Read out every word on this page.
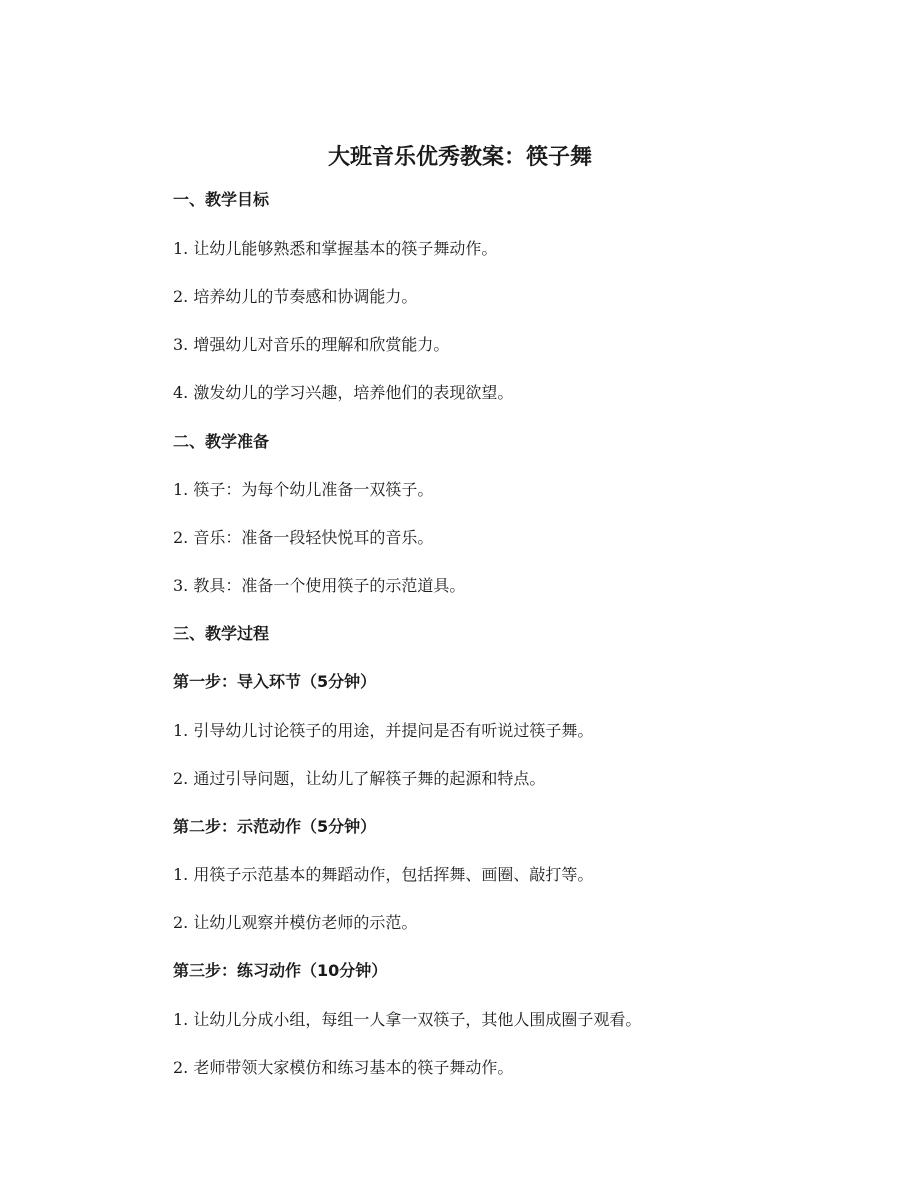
大班音乐优秀教案：筷子舞
一、教学目标
1. 让幼儿能够熟悉和掌握基本的筷子舞动作。
2. 培养幼儿的节奏感和协调能力。
3. 增强幼儿对音乐的理解和欣赏能力。
4. 激发幼儿的学习兴趣，培养他们的表现欲望。
二、教学准备
1. 筷子：为每个幼儿准备一双筷子。
2. 音乐：准备一段轻快悦耳的音乐。
3. 教具：准备一个使用筷子的示范道具。
三、教学过程
第一步：导入环节（5分钟）
1. 引导幼儿讨论筷子的用途，并提问是否有听说过筷子舞。
2. 通过引导问题，让幼儿了解筷子舞的起源和特点。
第二步：示范动作（5分钟）
1. 用筷子示范基本的舞蹈动作，包括挥舞、画圈、敲打等。
2. 让幼儿观察并模仿老师的示范。
第三步：练习动作（10分钟）
1. 让幼儿分成小组，每组一人拿一双筷子，其他人围成圈子观看。
2. 老师带领大家模仿和练习基本的筷子舞动作。
